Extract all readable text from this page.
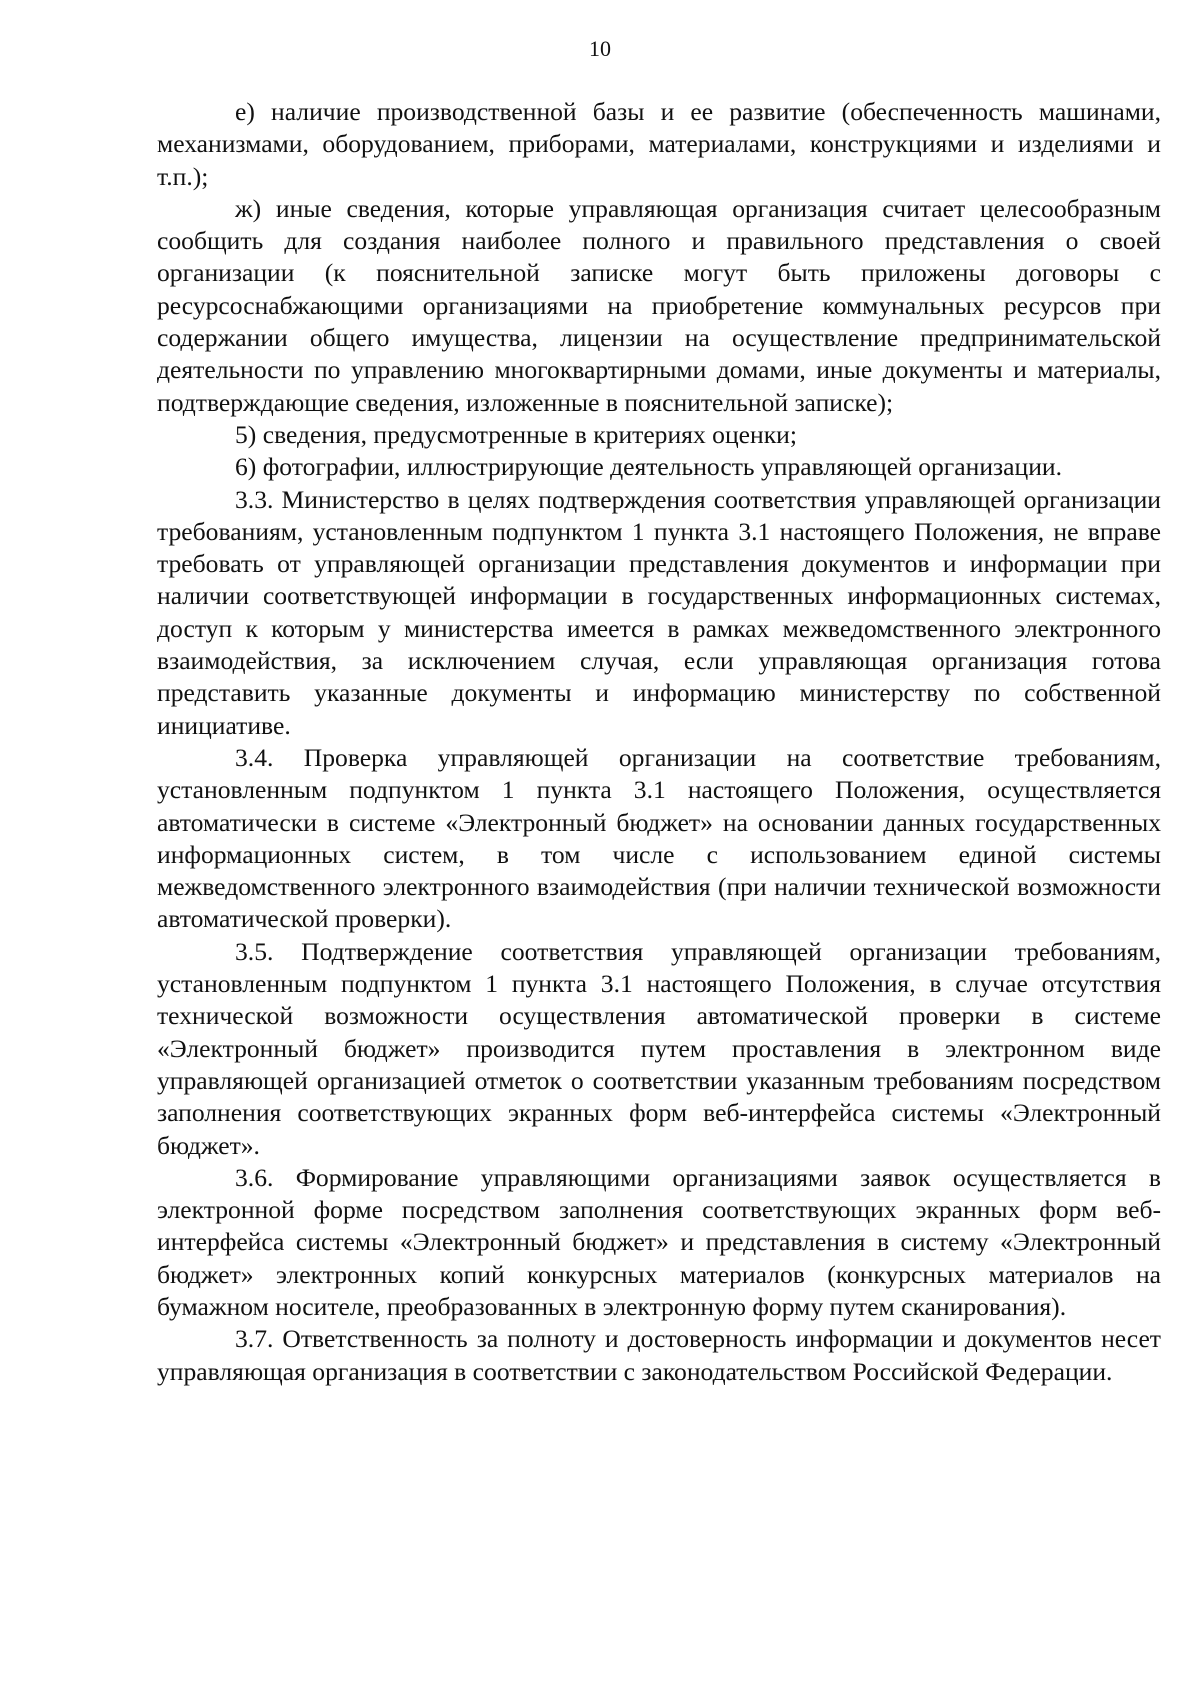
10

е) наличие производственной базы и ее развитие (обеспеченность машинами, механизмами, оборудованием, приборами, материалами, конструкциями и изделиями и т.п.);

ж) иные сведения, которые управляющая организация считает целесообразным сообщить для создания наиболее полного и правильного представления о своей организации (к пояснительной записке могут быть приложены договоры с ресурсоснабжающими организациями на приобретение коммунальных ресурсов при содержании общего имущества, лицензии на осуществление предпринимательской деятельности по управлению многоквартирными домами, иные документы и материалы, подтверждающие сведения, изложенные в пояснительной записке);

5) сведения, предусмотренные в критериях оценки;

6) фотографии, иллюстрирующие деятельность управляющей организации.

3.3. Министерство в целях подтверждения соответствия управляющей организации требованиям, установленным подпунктом 1 пункта 3.1 настоящего Положения, не вправе требовать от управляющей организации представления документов и информации при наличии соответствующей информации в государственных информационных системах, доступ к которым у министерства имеется в рамках межведомственного электронного взаимодействия, за исключением случая, если управляющая организация готова представить указанные документы и информацию министерству по собственной инициативе.

3.4. Проверка управляющей организации на соответствие требованиям, установленным подпунктом 1 пункта 3.1 настоящего Положения, осуществляется автоматически в системе «Электронный бюджет» на основании данных государственных информационных систем, в том числе с использованием единой системы межведомственного электронного взаимодействия (при наличии технической возможности автоматической проверки).

3.5. Подтверждение соответствия управляющей организации требованиям, установленным подпунктом 1 пункта 3.1 настоящего Положения, в случае отсутствия технической возможности осуществления автоматической проверки в системе «Электронный бюджет» производится путем проставления в электронном виде управляющей организацией отметок о соответствии указанным требованиям посредством заполнения соответствующих экранных форм веб-интерфейса системы «Электронный бюджет».

3.6. Формирование управляющими организациями заявок осуществляется в электронной форме посредством заполнения соответствующих экранных форм веб-интерфейса системы «Электронный бюджет» и представления в систему «Электронный бюджет» электронных копий конкурсных материалов (конкурсных материалов на бумажном носителе, преобразованных в электронную форму путем сканирования).

3.7. Ответственность за полноту и достоверность информации и документов несет управляющая организация в соответствии с законодательством Российской Федерации.
